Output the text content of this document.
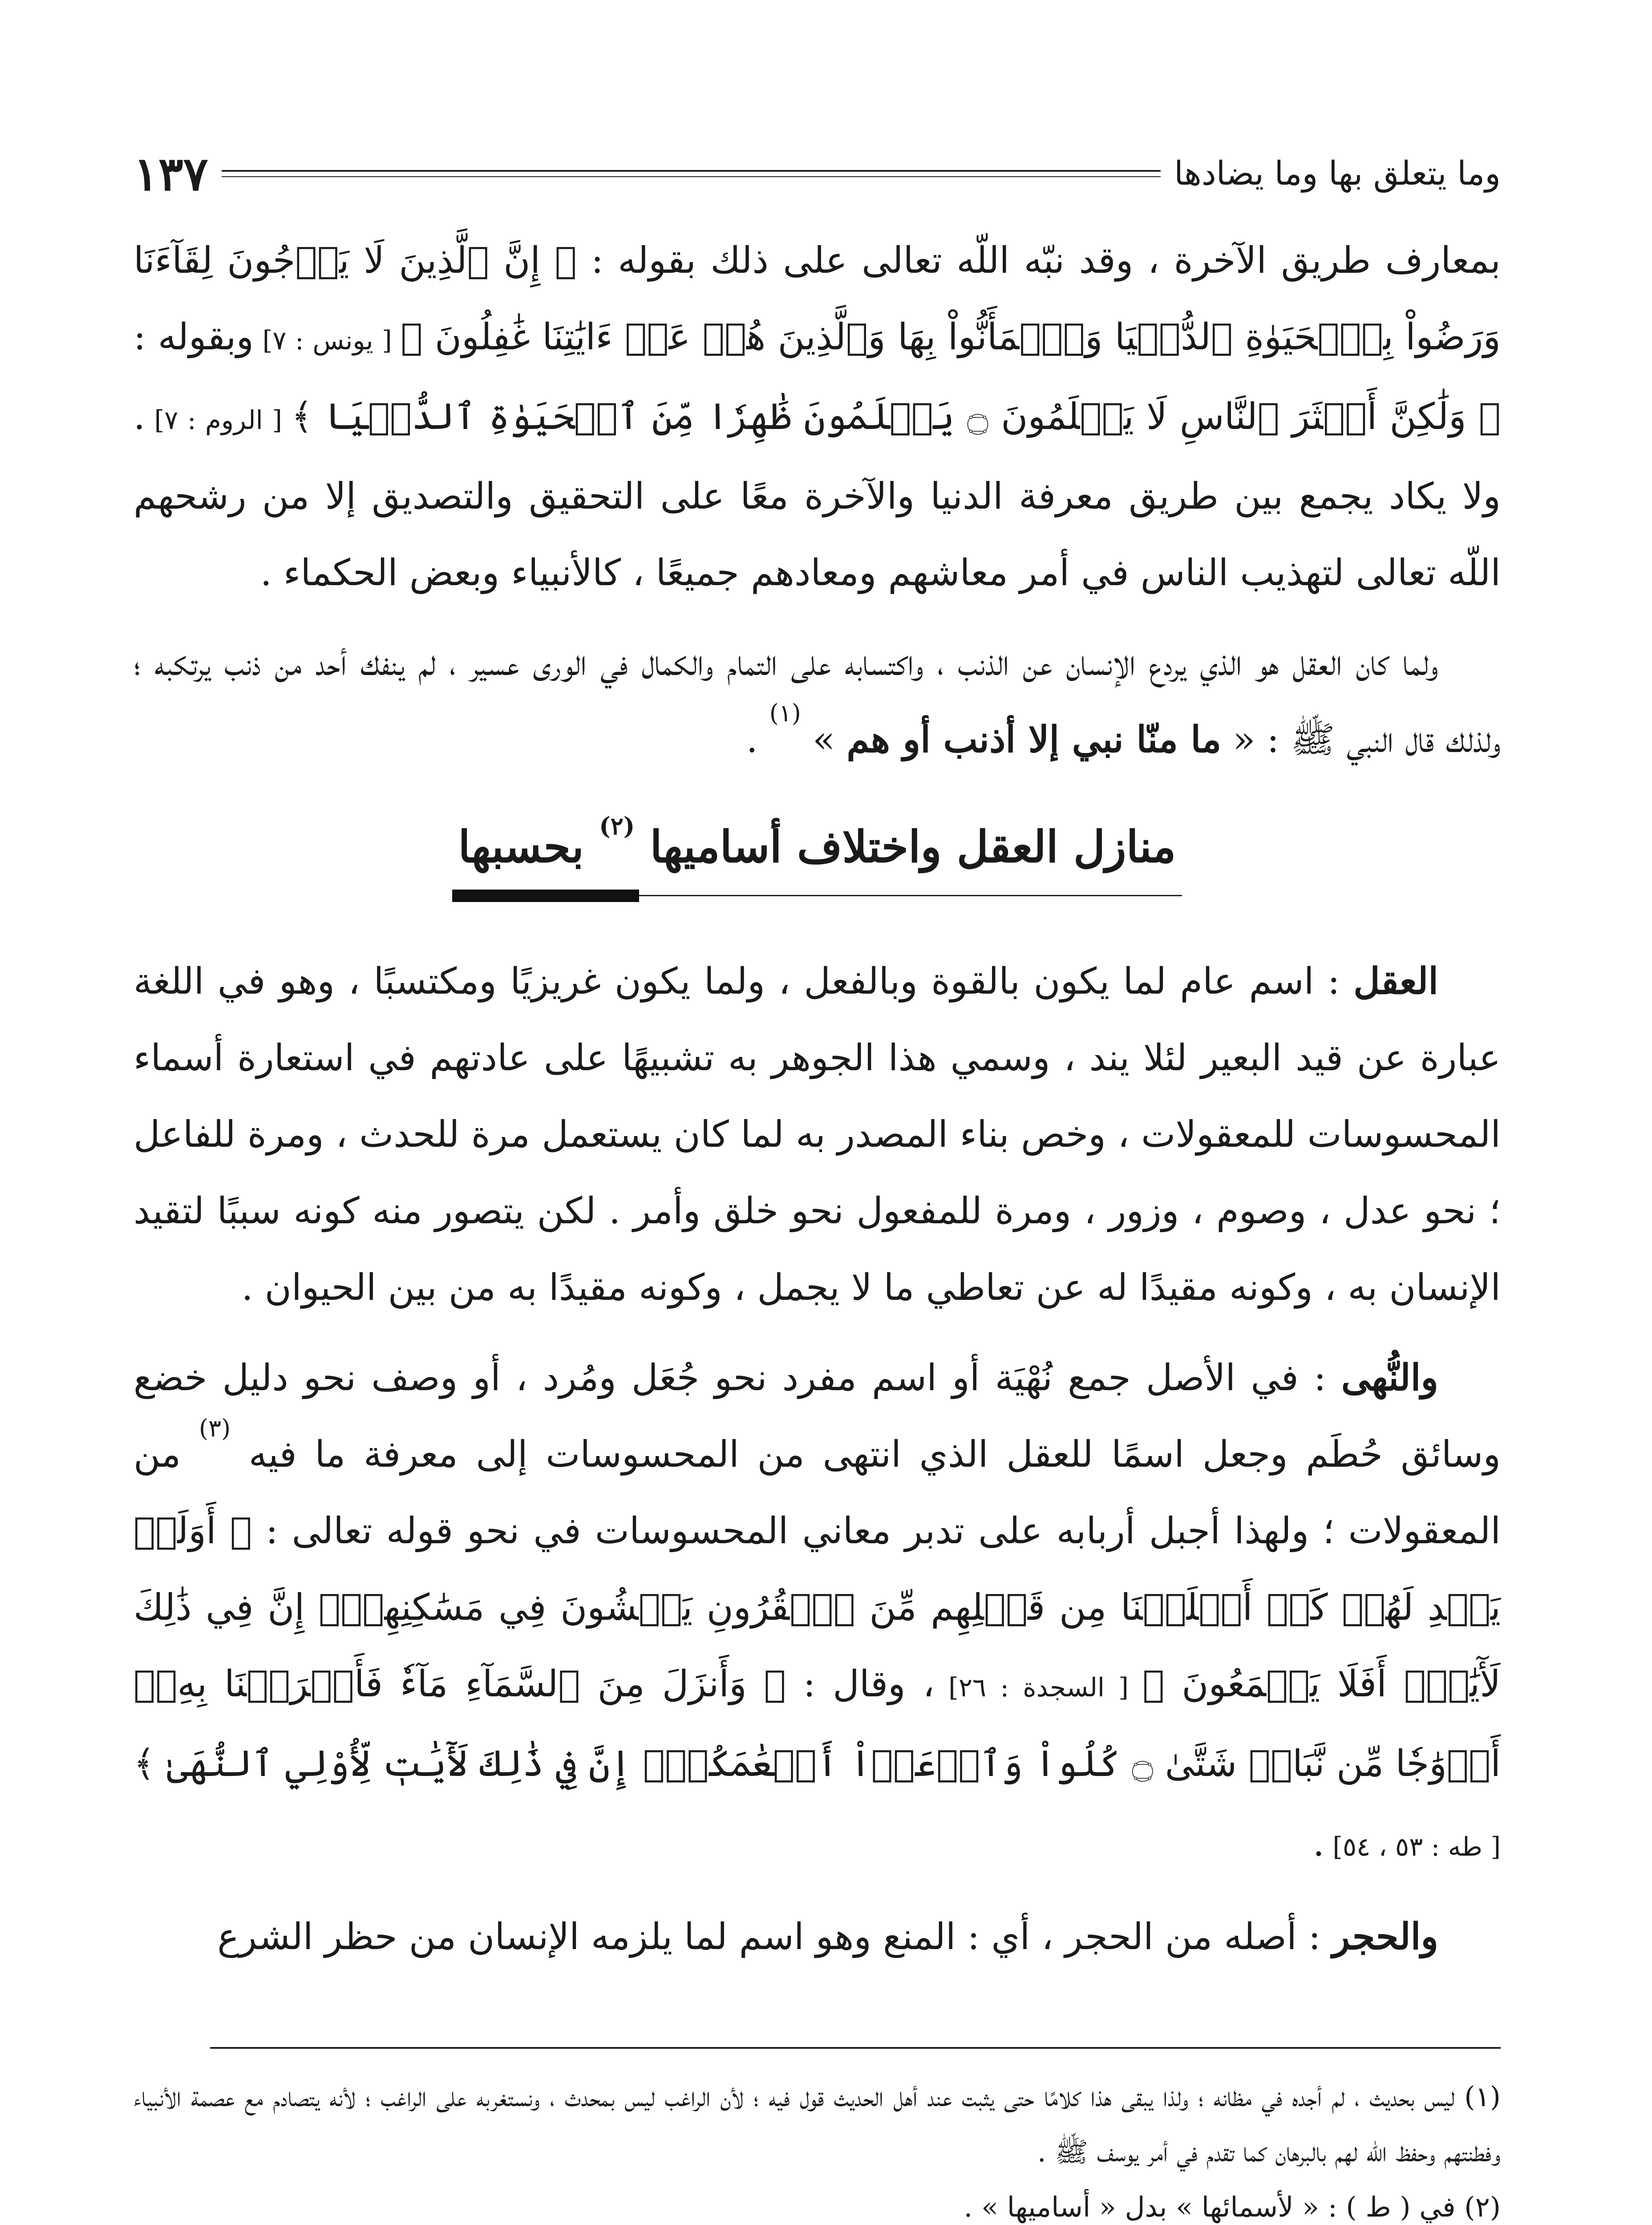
وما يتعلق بها وما يضادها
١٣٧

بمعارف طريق الآخرة ، وقد نبّه اللّه تعالى على ذلك بقوله : ﴿ إِنَّ ٱلَّذِينَ لَا يَرۡجُونَ لِقَآءَنَا وَرَضُواْ بِٱلۡحَيَوٰةِ ٱلدُّنۡيَا وَٱطۡمَأَنُّواْ بِهَا وَٱلَّذِينَ هُمۡ عَنۡ ءَايَٰتِنَا غَٰفِلُونَ ﴾ [ يونس : ٧] وبقوله : ﴿ وَلَٰكِنَّ أَكۡثَرَ ٱلنَّاسِ لَا يَعۡلَمُونَ ۝ يَعۡلَمُونَ ظَٰهِرٗا مِّنَ ٱلۡحَيَوٰةِ ٱلدُّنۡيَا ﴾ [ الروم : ٧] . ولا يكاد يجمع بين طريق معرفة الدنيا والآخرة معًا على التحقيق والتصديق إلا من رشحهم اللّه تعالى لتهذيب الناس في أمر معاشهم ومعادهم جميعًا ، كالأنبياء وبعض الحكماء .

ولما كان العقل هو الذي يردع الإنسان عن الذنب ، واكتسابه على التمام والكمال في الورى عسير ، لم ينفك أحد من ذنب يرتكبه ؛ ولذلك قال النبي ﷺ : « ما منّا نبي إلا أذنب أو هم » $^{(١)}$ .

منازل العقل واختلاف أساميها $^{(٢)}$ بحسبها

العقل : اسم عام لما يكون بالقوة وبالفعل ، ولما يكون غريزيًا ومكتسبًا ، وهو في اللغة عبارة عن قيد البعير لئلا يند ، وسمي هذا الجوهر به تشبيهًا على عادتهم في استعارة أسماء المحسوسات للمعقولات ، وخص بناء المصدر به لما كان يستعمل مرة للحدث ، ومرة للفاعل ؛ نحو عدل ، وصوم ، وزور ، ومرة للمفعول نحو خلق وأمر . لكن يتصور منه كونه سببًا لتقيد الإنسان به ، وكونه مقيدًا له عن تعاطي ما لا يجمل ، وكونه مقيدًا به من بين الحيوان .

والنُّهى : في الأصل جمع نُهْيَة أو اسم مفرد نحو جُعَل ومُرد ، أو وصف نحو دليل خضع وسائق حُطَم وجعل اسمًا للعقل الذي انتهى من المحسوسات إلى معرفة ما فيه $^{(٣)}$ من المعقولات ؛ ولهذا أجبل أربابه على تدبر معاني المحسوسات في نحو قوله تعالى : ﴿ أَوَلَمۡ يَهۡدِ لَهُمۡ كَمۡ أَهۡلَكۡنَا مِن قَبۡلِهِم مِّنَ ٱلۡقُرُونِ يَمۡشُونَ فِي مَسَٰكِنِهِمۡۚ إِنَّ فِي ذَٰلِكَ لَأٓيَٰتٍۚ أَفَلَا يَسۡمَعُونَ ﴾ [ السجدة : ٢٦] ، وقال : ﴿ وَأَنزَلَ مِنَ ٱلسَّمَآءِ مَآءٗ فَأَخۡرَجۡنَا بِهِۦٓ أَزۡوَٰجٗا مِّن نَّبَاتٖ شَتَّىٰ ۝ كُلُواْ وَٱرۡعَوۡاْ أَنۡعَٰمَكُمۡۚ إِنَّ فِي ذَٰلِكَ لَأٓيَٰتٖ لِّأُوْلِي ٱلنُّهَىٰ ﴾ [ طه : ٥٣ ، ٥٤] .

والحجر : أصله من الحجر ، أي : المنع وهو اسم لما يلزمه الإنسان من حظر الشرع

(١) ليس بحديث ، لم أجده في مظانه ؛ ولذا يبقى هذا كلامًا حتى يثبت عند أهل الحديث قول فيه ؛ لأن الراغب ليس بمحدث ، ونستغربه على الراغب ؛ لأنه يتصادم مع عصمة الأنبياء وفطنتهم وحفظ اللّه لهم بالبرهان كما تقدم في أمر يوسف ﷺ .

(٢) في ( ط ) : « لأسمائها » بدل « أساميها » .
